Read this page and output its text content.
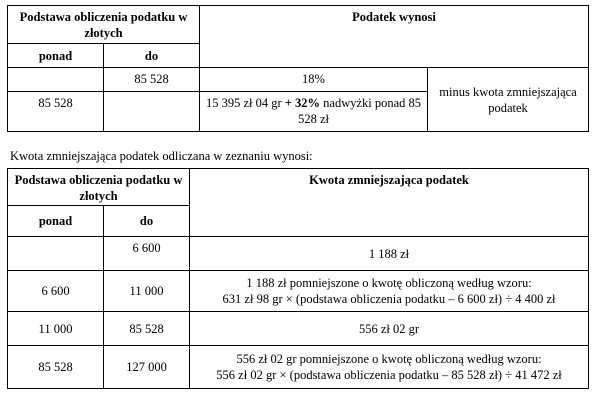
Podstawa obliczenia podatku w złotych		Podatek wynosi	
ponad	do		
	85 528	18%	minus kwota zmniejszająca podatek
85 528		15 395 zł 04 gr + 32% nadwyżki ponad 85 528 zł	
Kwota zmniejszająca podatek odliczana w zeznaniu wynosi:
Podstawa obliczenia podatku w złotych		Kwota zmniejszająca podatek
ponad	do	
	6 600	1 188 zł

6 600	11 000	1 188 zł pomniejszone o kwotę obliczoną według wzoru:
631 zł 98 gr × (podstawa obliczenia podatku – 6 600 zł) ÷ 4 400 zł

11 000	85 528	556 zł 02 gr

85 528	127 000	556 zł 02 gr pomniejszone o kwotę obliczoną według wzoru:
556 zł 02 gr × (podstawa obliczenia podatku – 85 528 zł) ÷ 41 472 zł
